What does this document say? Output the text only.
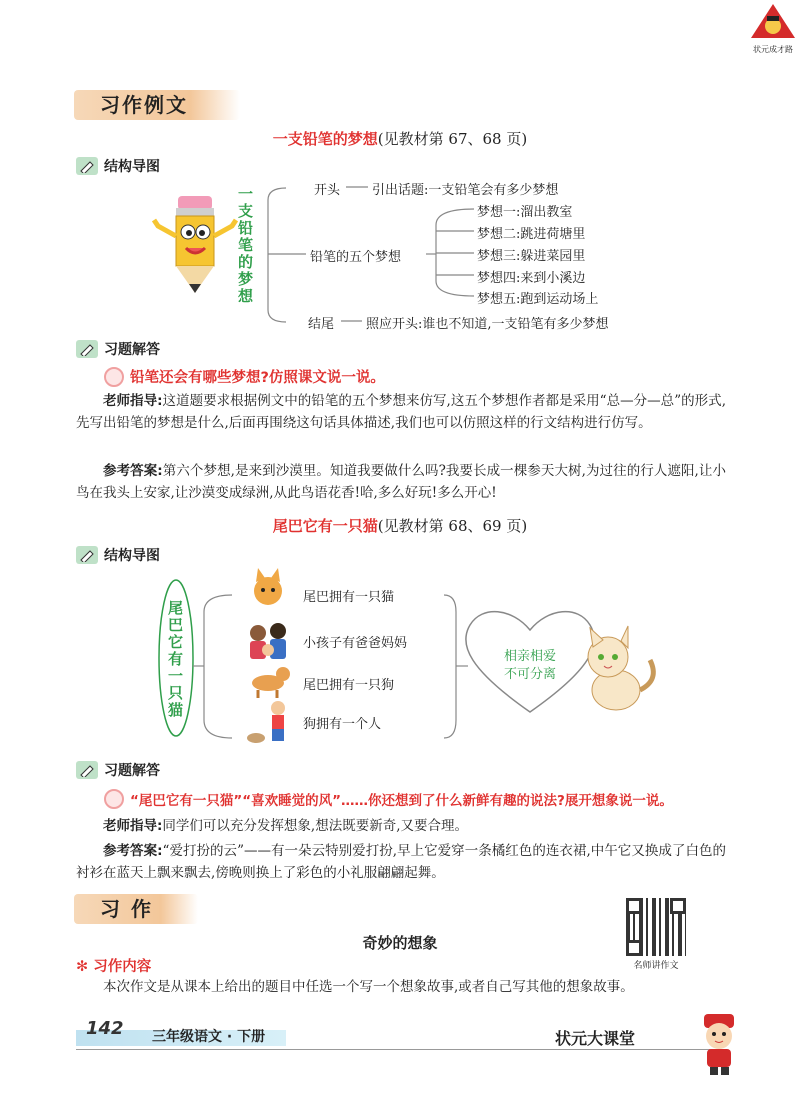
状元成才路
习作例文
一支铅笔的梦想(见教材第 67、68 页)
结构导图
一支铅笔的梦想
开头 引出话题:一支铅笔会有多少梦想
铅笔的五个梦想
梦想一:溜出教室
梦想二:跳进荷塘里
梦想三:躲进菜园里
梦想四:来到小溪边
梦想五:跑到运动场上
结尾 照应开头:谁也不知道,一支铅笔有多少梦想
习题解答
铅笔还会有哪些梦想?仿照课文说一说。
老师指导:这道题要求根据例文中的铅笔的五个梦想来仿写,这五个梦想作者都是采用“总—分—总”的形式,先写出铅笔的梦想是什么,后面再围绕这句话具体描述,我们也可以仿照这样的行文结构进行仿写。
参考答案:第六个梦想,是来到沙漠里。知道我要做什么吗?我要长成一棵参天大树,为过往的行人遮阳,让小鸟在我头上安家,让沙漠变成绿洲,从此鸟语花香!哈,多么好玩!多么开心!
尾巴它有一只猫(见教材第 68、69 页)
结构导图
尾巴它有一只猫
尾巴拥有一只猫
小孩子有爸爸妈妈
尾巴拥有一只狗
狗拥有一个人
相亲相爱
不可分离
习题解答
“尾巴它有一只猫”“喜欢睡觉的风”……你还想到了什么新鲜有趣的说法?展开想象说一说。
老师指导:同学们可以充分发挥想象,想法既要新奇,又要合理。
参考答案:“爱打扮的云”——有一朵云特别爱打扮,早上它爱穿一条橘红色的连衣裙,中午它又换成了白色的衬衫在蓝天上飘来飘去,傍晚则换上了彩色的小礼服翩翩起舞。
习 作
奇妙的想象
名师讲作文
✻ 习作内容
本次作文是从课本上给出的题目中任选一个写一个想象故事,或者自己写其他的想象故事。
142 三年级语文 · 下册	状元大课堂
